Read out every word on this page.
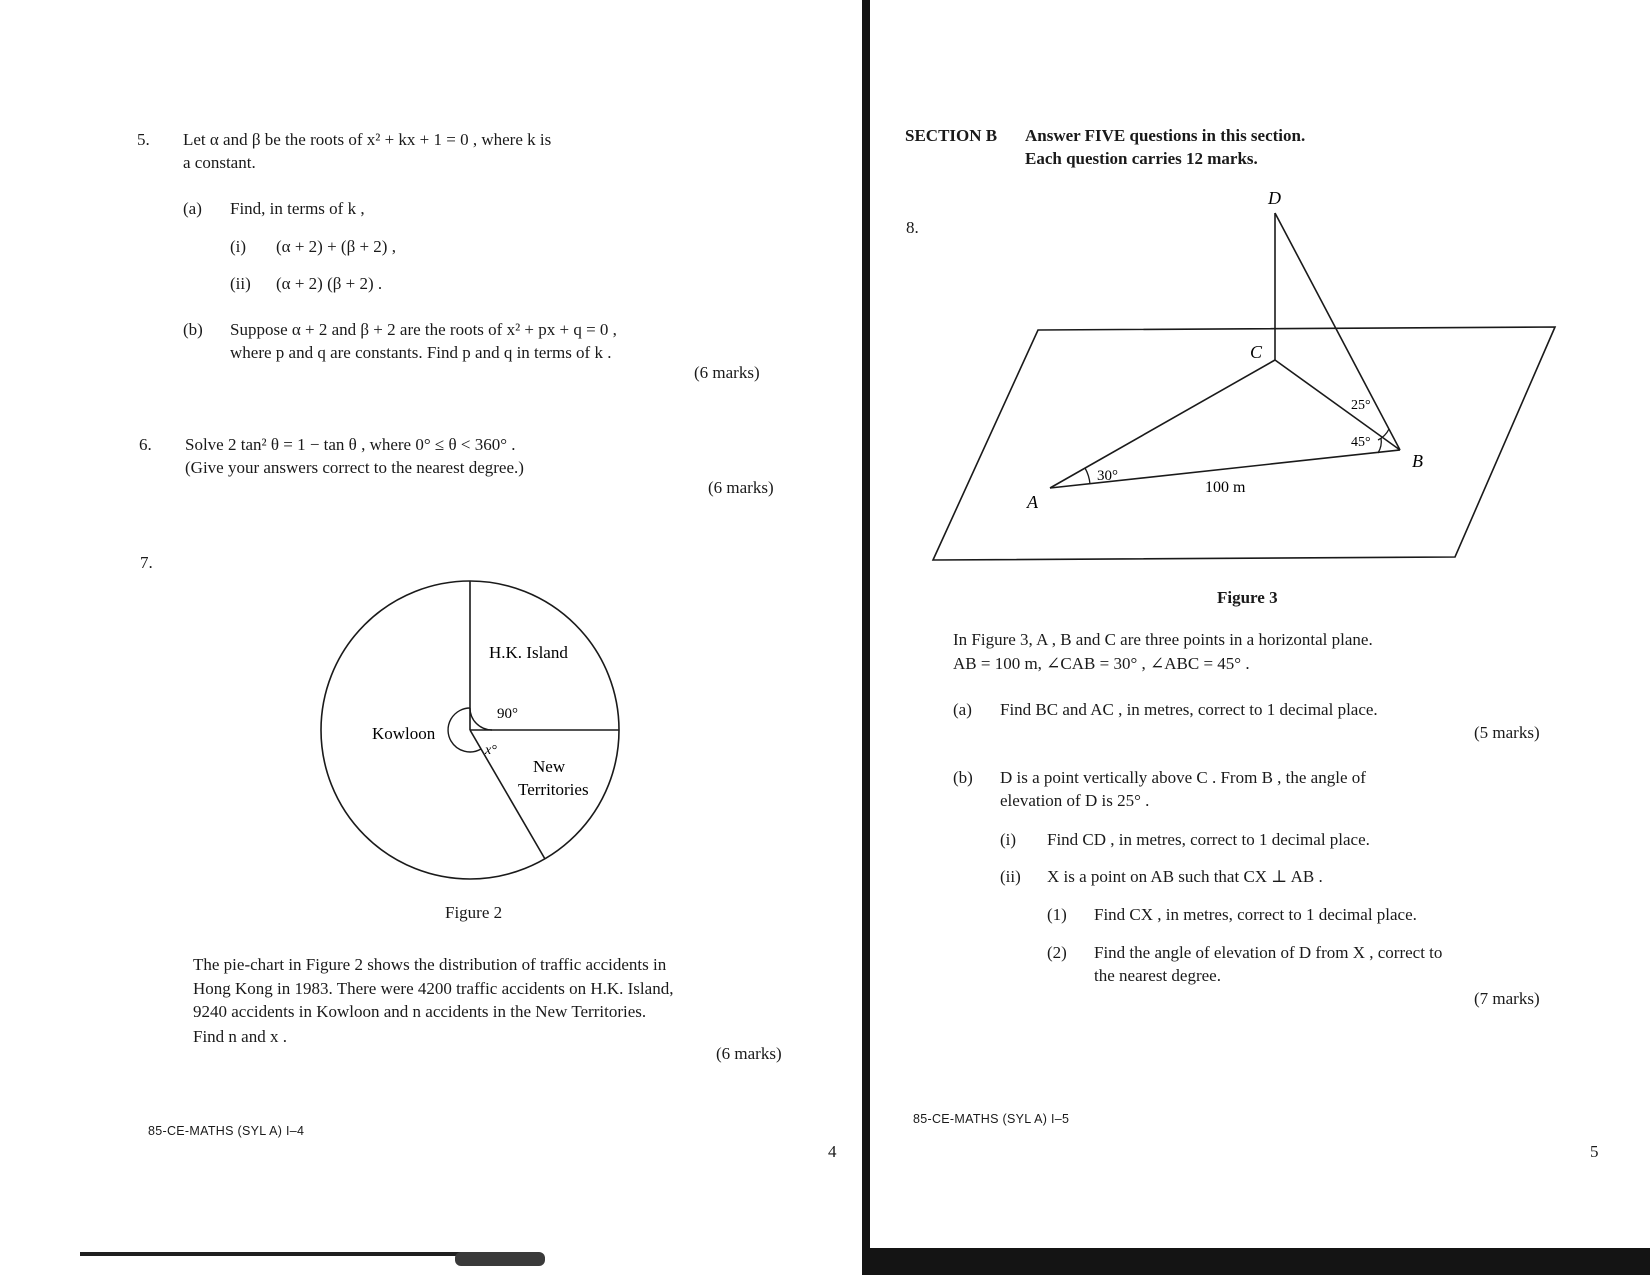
5. Let α and β be the roots of x² + kx + 1 = 0 , where k is
a constant.
(a) Find, in terms of k ,
(i) (α + 2) + (β + 2) ,
(ii) (α + 2) (β + 2) .
(b) Suppose α + 2 and β + 2 are the roots of x² + px + q = 0 ,
where p and q are constants. Find p and q in terms of k .
(6 marks)
6. Solve 2 tan² θ = 1 − tan θ , where 0° ≤ θ < 360° .
(Give your answers correct to the nearest degree.)
(6 marks)
7.
H.K. Island
Kowloon
New
Territories
90°
x°
Figure 2
The pie-chart in Figure 2 shows the distribution of traffic accidents in
Hong Kong in 1983. There were 4200 traffic accidents on H.K. Island,
9240 accidents in Kowloon and n accidents in the New Territories.
Find n and x .
(6 marks)
85-CE-MATHS (SYL A) I–4
4
SECTION B Answer FIVE questions in this section.
Each question carries 12 marks.
8.
D
C
A
B
30°
25°
45°
100 m
Figure 3
In Figure 3, A , B and C are three points in a horizontal plane.
AB = 100 m, ∠CAB = 30° , ∠ABC = 45° .
(a) Find BC and AC , in metres, correct to 1 decimal place.
(5 marks)
(b) D is a point vertically above C . From B , the angle of
elevation of D is 25° .
(i) Find CD , in metres, correct to 1 decimal place.
(ii) X is a point on AB such that CX ⊥ AB .
(1) Find CX , in metres, correct to 1 decimal place.
(2) Find the angle of elevation of D from X , correct to
the nearest degree.
(7 marks)
85-CE-MATHS (SYL A) I–5
5
